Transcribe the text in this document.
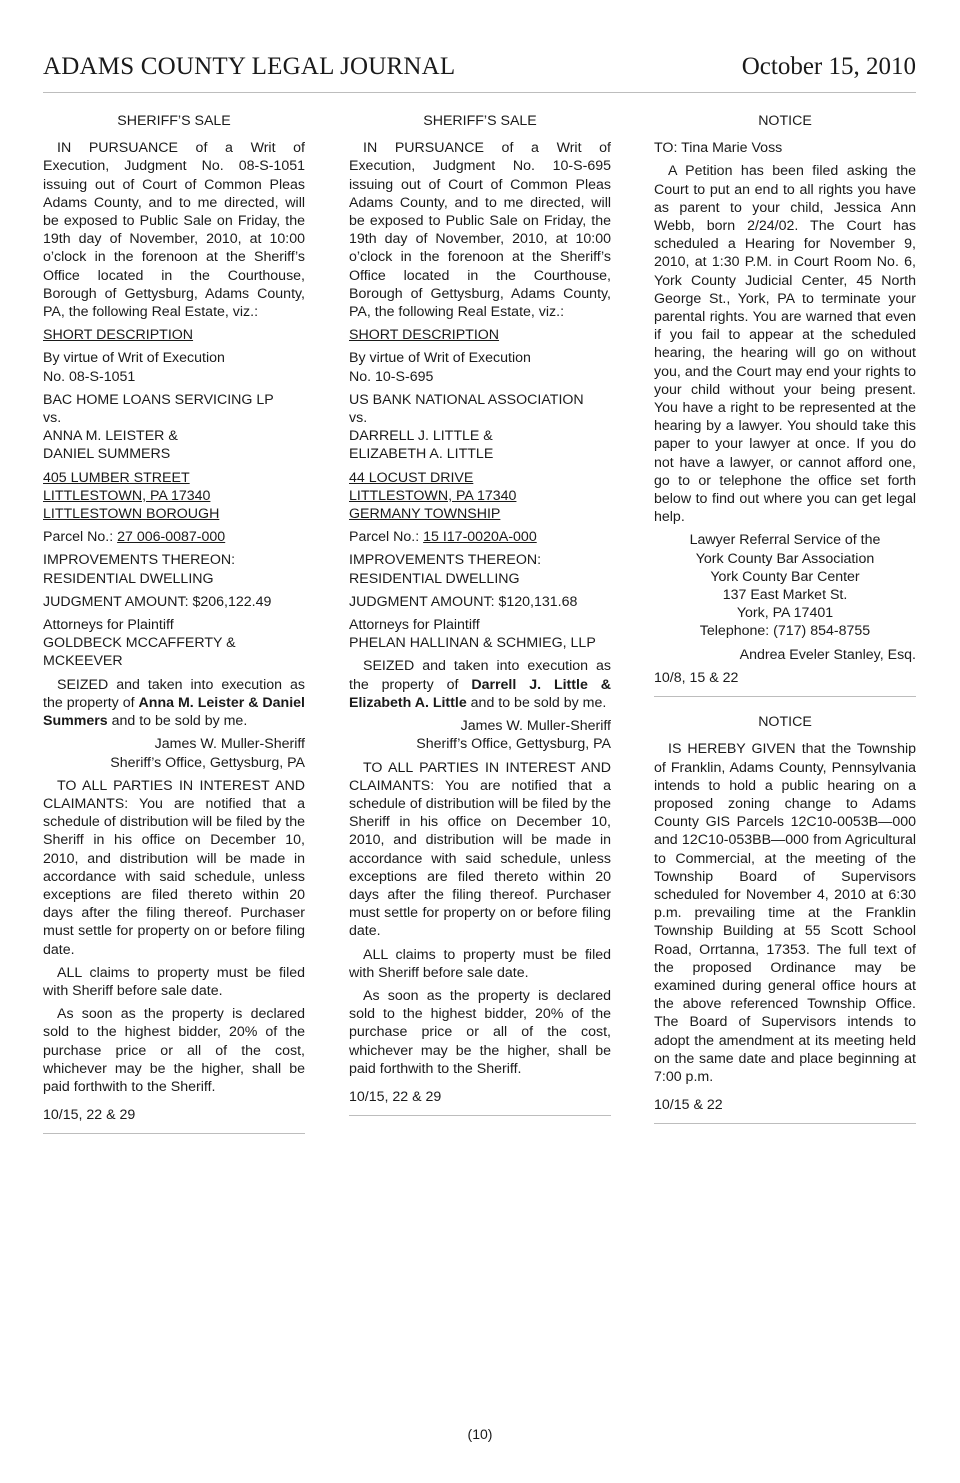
ADAMS COUNTY LEGAL JOURNAL	October 15, 2010
SHERIFF’S SALE

IN PURSUANCE of a Writ of Execution, Judgment No. 08-S-1051 issuing out of Court of Common Pleas Adams County, and to me directed, will be exposed to Public Sale on Friday, the 19th day of November, 2010, at 10:00 o’clock in the forenoon at the Sheriff’s Office located in the Courthouse, Borough of Gettysburg, Adams County, PA, the following Real Estate, viz.:

SHORT DESCRIPTION

By virtue of Writ of Execution
No. 08-S-1051

BAC HOME LOANS SERVICING LP
vs.
ANNA M. LEISTER &
DANIEL SUMMERS

405 LUMBER STREET
LITTLESTOWN, PA 17340
LITTLESTOWN BOROUGH

Parcel No.: 27 006-0087-000

IMPROVEMENTS THEREON:
RESIDENTIAL DWELLING

JUDGMENT AMOUNT: $206,122.49

Attorneys for Plaintiff
GOLDBECK MCCAFFERTY &
MCKEEVER

SEIZED and taken into execution as the property of Anna M. Leister & Daniel Summers and to be sold by me.

James W. Muller-Sheriff
Sheriff’s Office, Gettysburg, PA

TO ALL PARTIES IN INTEREST AND CLAIMANTS: You are notified that a schedule of distribution will be filed by the Sheriff in his office on December 10, 2010, and distribution will be made in accordance with said schedule, unless exceptions are filed thereto within 20 days after the filing thereof. Purchaser must settle for property on or before filing date.

ALL claims to property must be filed with Sheriff before sale date.

As soon as the property is declared sold to the highest bidder, 20% of the purchase price or all of the cost, whichever may be the higher, shall be paid forthwith to the Sheriff.

10/15, 22 & 29

SHERIFF’S SALE

IN PURSUANCE of a Writ of Execution, Judgment No. 10-S-695 issuing out of Court of Common Pleas Adams County, and to me directed, will be exposed to Public Sale on Friday, the 19th day of November, 2010, at 10:00 o’clock in the forenoon at the Sheriff’s Office located in the Courthouse, Borough of Gettysburg, Adams County, PA, the following Real Estate, viz.:

SHORT DESCRIPTION

By virtue of Writ of Execution
No. 10-S-695

US BANK NATIONAL ASSOCIATION
vs.
DARRELL J. LITTLE &
ELIZABETH A. LITTLE

44 LOCUST DRIVE
LITTLESTOWN, PA 17340
GERMANY TOWNSHIP

Parcel No.: 15 I17-0020A-000

IMPROVEMENTS THEREON:
RESIDENTIAL DWELLING

JUDGMENT AMOUNT: $120,131.68

Attorneys for Plaintiff
PHELAN HALLINAN & SCHMIEG, LLP

SEIZED and taken into execution as the property of Darrell J. Little & Elizabeth A. Little and to be sold by me.

James W. Muller-Sheriff
Sheriff’s Office, Gettysburg, PA

TO ALL PARTIES IN INTEREST AND CLAIMANTS: You are notified that a schedule of distribution will be filed by the Sheriff in his office on December 10, 2010, and distribution will be made in accordance with said schedule, unless exceptions are filed thereto within 20 days after the filing thereof. Purchaser must settle for property on or before filing date.

ALL claims to property must be filed with Sheriff before sale date.

As soon as the property is declared sold to the highest bidder, 20% of the purchase price or all of the cost, whichever may be the higher, shall be paid forthwith to the Sheriff.

10/15, 22 & 29

NOTICE

TO: Tina Marie Voss

A Petition has been filed asking the Court to put an end to all rights you have as parent to your child, Jessica Ann Webb, born 2/24/02. The Court has scheduled a Hearing for November 9, 2010, at 1:30 P.M. in Court Room No. 6, York County Judicial Center, 45 North George St., York, PA to terminate your parental rights. You are warned that even if you fail to appear at the scheduled hearing, the hearing will go on without you, and the Court may end your rights to your child without your being present. You have a right to be represented at the hearing by a lawyer. You should take this paper to your lawyer at once. If you do not have a lawyer, or cannot afford one, go to or telephone the office set forth below to find out where you can get legal help.

Lawyer Referral Service of the
York County Bar Association
York County Bar Center
137 East Market St.
York, PA 17401
Telephone: (717) 854-8755

Andrea Eveler Stanley, Esq.

10/8, 15 & 22

NOTICE

IS HEREBY GIVEN that the Township of Franklin, Adams County, Pennsylvania intends to hold a public hearing on a proposed zoning change to Adams County GIS Parcels 12C10-0053B—000 and 12C10-053BB—000 from Agricultural to Commercial, at the meeting of the Township Board of Supervisors scheduled for November 4, 2010 at 6:30 p.m. prevailing time at the Franklin Township Building at 55 Scott School Road, Orrtanna, 17353. The full text of the proposed Ordinance may be examined during general office hours at the above referenced Township Office. The Board of Supervisors intends to adopt the amendment at its meeting held on the same date and place beginning at 7:00 p.m.

10/15 & 22

(10)
